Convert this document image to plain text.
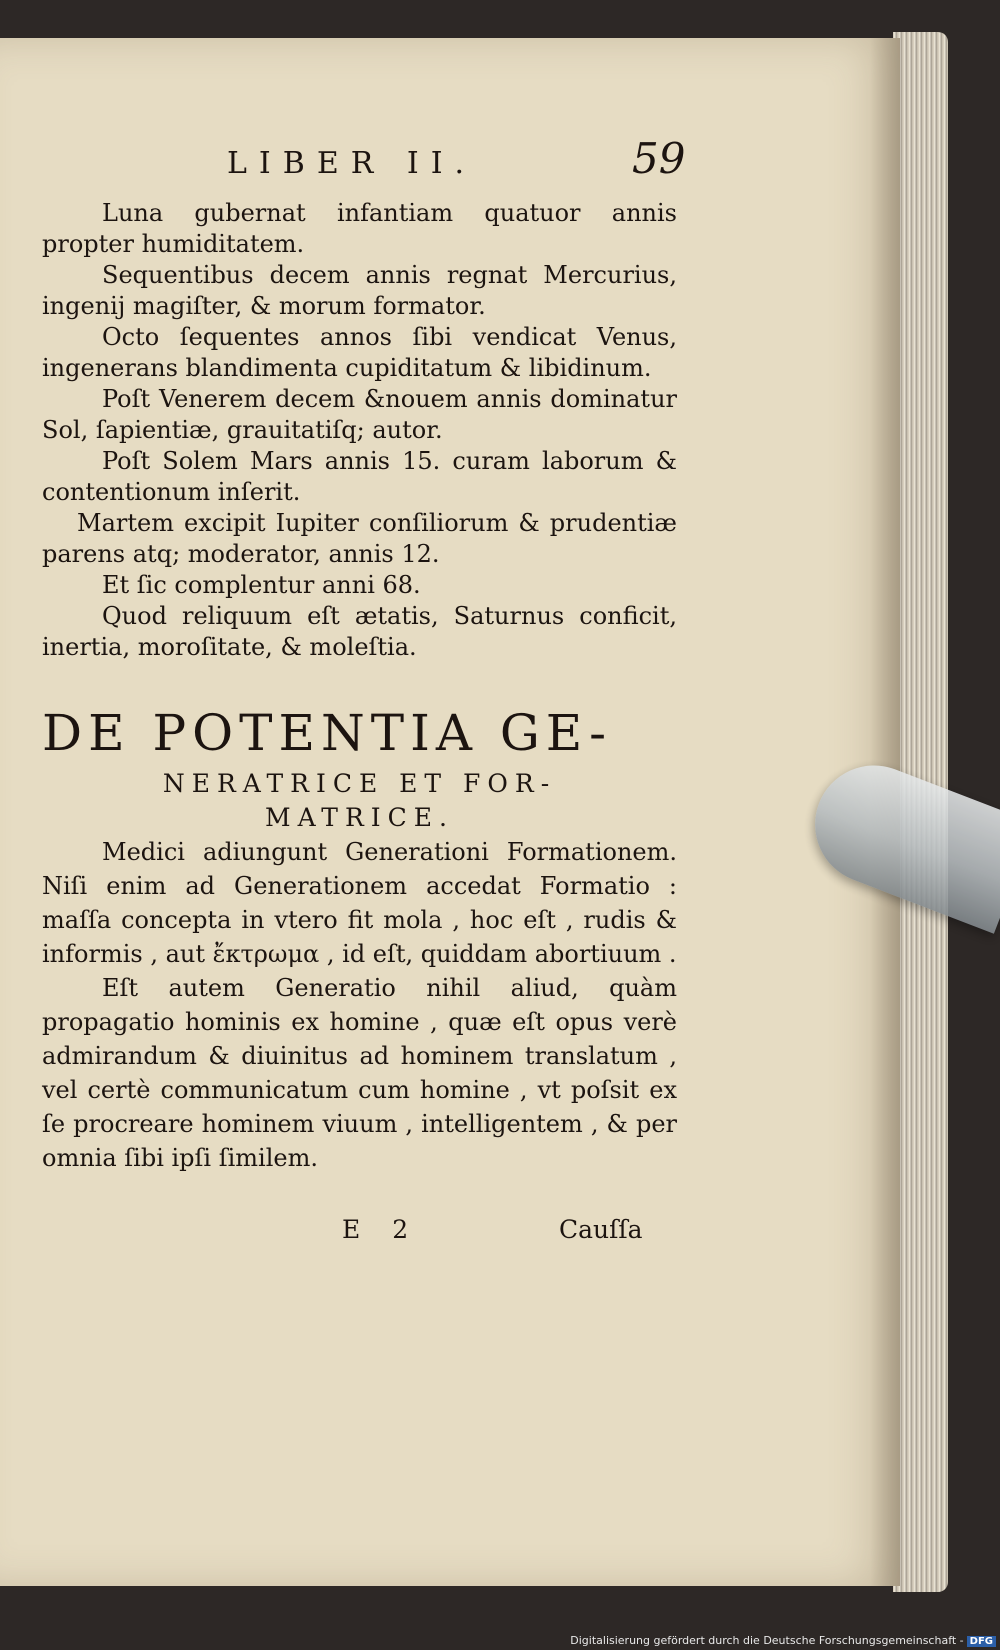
LIBER II.	59

Luna gubernat infantiam quatuor annis propter humiditatem.

Sequentibus decem annis regnat Mercurius, ingenij magiſter, & morum formator.

Octo ſequentes annos ſibi vendicat Venus, ingenerans blandimenta cupiditatum & libidinum.

Poſt Venerem decem &nouem annis dominatur Sol, ſapientiæ, grauitatiſq; autor.

Poſt Solem Mars annis 15. curam laborum & contentionum inſerit.

Martem excipit Iupiter conſiliorum & prudentiæ parens atq; moderator, annis 12.

Et ſic complentur anni 68.

Quod reliquum eſt ætatis, Saturnus conficit, inertia, moroſitate, & moleſtia.

DE POTENTIA GE-
NERATRICE ET FOR-
MATRICE.

Medici adiungunt Generationi Formationem. Niſi enim ad Generationem accedat Formatio : maſſa concepta in vtero fit mola , hoc eſt , rudis & informis , aut ἔκτρωμα , id eſt, quiddam abortiuum .

Eſt autem Generatio nihil aliud, quàm propagatio hominis ex homine , quæ eſt opus verè admirandum & diuinitus ad hominem translatum , vel certè communicatum cum homine , vt poſsit ex ſe procreare hominem viuum , intelligentem , & per omnia ſibi ipſi ſimilem.

E 2	Cauſſa
Digitalisierung gefördert durch die Deutsche Forschungsgemeinschaft - DFG
